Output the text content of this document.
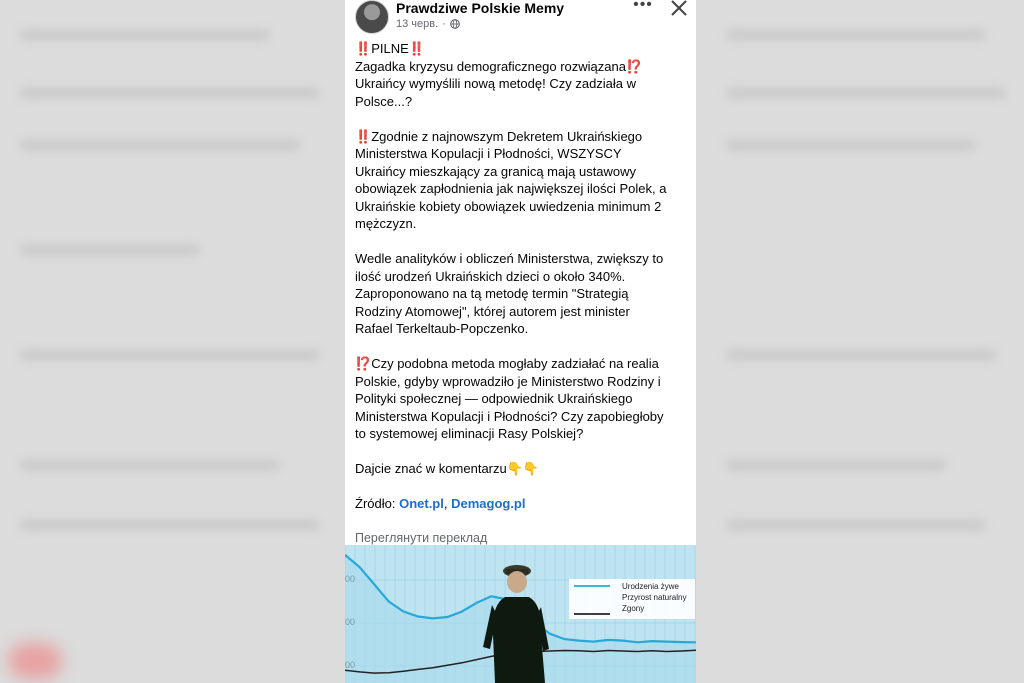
Prawdziwe Polskie Memy
13 черв. ·
•••
‼️ PILNE‼️
Zagadka kryzysu demograficznego rozwiązana⁉️
Ukraińcy wymyślili nową metodę! Czy zadziała w
Polsce...?
‼️ Zgodnie z najnowszym Dekretem Ukraińskiego
Ministerstwa Kopulacji i Płodności, WSZYSCY
Ukraińcy mieszkający za granicą mają ustawowy
obowiązek zapłodnienia jak największej ilości Polek, a
Ukraińskie kobiety obowiązek uwiedzenia minimum 2
mężczyzn.
Wedle analityków i obliczeń Ministerstwa, zwiększy to
ilość urodzeń Ukraińskich dzieci o około 340%.
Zaproponowano na tą metodę termin "Strategią
Rodziny Atomowej", której autorem jest minister
Rafael Terkeltaub-Popczenko.
⁉️ Czy podobna metoda mogłaby zadziałać na realia
Polskie, gdyby wprowadziło je Ministerstwo Rodziny i
Polityki społecznej — odpowiednik Ukraińskiego
Ministerstwa Kopulacji i Płodności? Czy zapobiegłoby
to systemowej eliminacji Rasy Polskiej?
Dajcie znać w komentarzu👇👇
Źródło: Onet.pl, Demagog.pl
Переглянути переклад
Urodzenia żywe
Przyrost naturalny
Zgony
